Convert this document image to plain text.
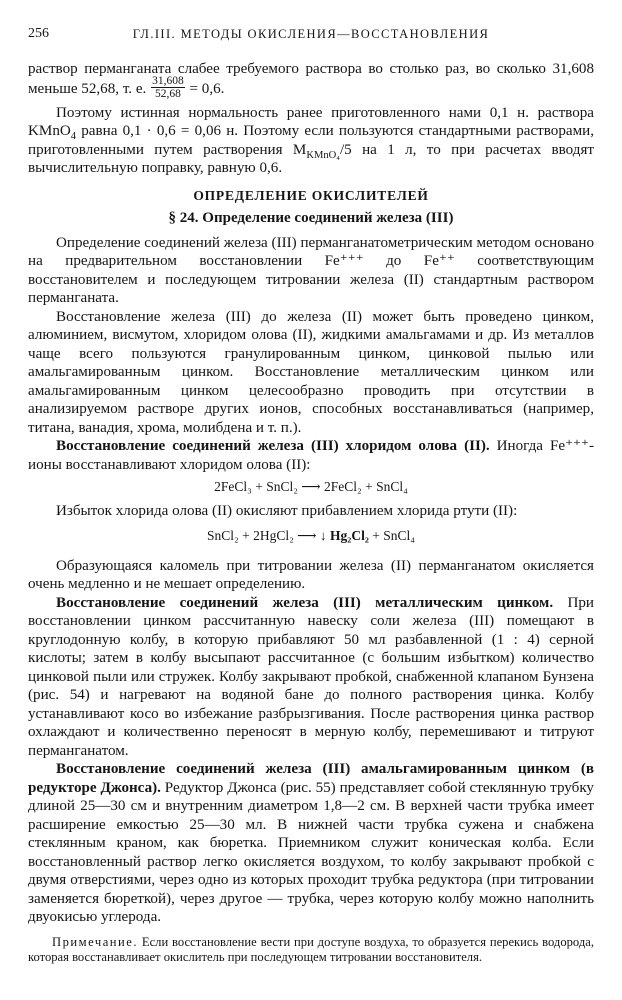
256	ГЛ.III. МЕТОДЫ ОКИСЛЕНИЯ—ВОССТАНОВЛЕНИЯ

раствор перманганата слабее требуемого раствора во столько раз, во сколько 31,608 меньше 52,68, т. е. $\frac{31,608}{52,68} = 0,6$.

Поэтому истинная нормальность ранее приготовленного нами 0,1 н. раствора KMnO$_4$ равна 0,1 · 0,6 = 0,06 н. Поэтому если пользуются стандартными растворами, приготовленными путем растворения $M_{KMnO_4}/5$ на 1 л, то при расчетах вводят вычислительную поправку, равную 0,6.

ОПРЕДЕЛЕНИЕ ОКИСЛИТЕЛЕЙ
§ 24. Определение соединений железа (III)

Определение соединений железа (III) перманганатометрическим методом основано на предварительном восстановлении Fe⁺⁺⁺ до Fe⁺⁺ соответствующим восстановителем и последующем титровании железа (II) стандартным раствором перманганата.

Восстановление железа (III) до железа (II) может быть проведено цинком, алюминием, висмутом, хлоридом олова (II), жидкими амальгамами и др. Из металлов чаще всего пользуются гранулированным цинком, цинковой пылью или амальгамированным цинком. Восстановление металлическим цинком или амальгамированным цинком целесообразно проводить при отсутствии в анализируемом растворе других ионов, способных восстанавливаться (например, титана, ванадия, хрома, молибдена и т. п.).

Восстановление соединений железа (III) хлоридом олова (II). Иногда Fe⁺⁺⁺-ионы восстанавливают хлоридом олова (II):

2FeCl₃ + SnCl₂ ⟶ 2FeCl₂ + SnCl₄

Избыток хлорида олова (II) окисляют прибавлением хлорида ртути (II):

SnCl₂ + 2HgCl₂ ⟶ ↓ Hg₂Cl₂ + SnCl₄

Образующаяся каломель при титровании железа (II) перманганатом окисляется очень медленно и не мешает определению.

Восстановление соединений железа (III) металлическим цинком. При восстановлении цинком рассчитанную навеску соли железа (III) помещают в круглодонную колбу, в которую прибавляют 50 мл разбавленной (1 : 4) серной кислоты; затем в колбу высыпают рассчитанное (с большим избытком) количество цинковой пыли или стружек. Колбу закрывают пробкой, снабженной клапаном Бунзена (рис. 54) и нагревают на водяной бане до полного растворения цинка. Колбу устанавливают косо во избежание разбрызгивания. После растворения цинка раствор охлаждают и количественно переносят в мерную колбу, перемешивают и титруют перманганатом.

Восстановление соединений железа (III) амальгамированным цинком (в редукторе Джонса). Редуктор Джонса (рис. 55) представляет собой стеклянную трубку длиной 25—30 см и внутренним диаметром 1,8—2 см. В верхней части трубка имеет расширение емкостью 25—30 мл. В нижней части трубка сужена и снабжена стеклянным краном, как бюретка. Приемником служит коническая колба. Если восстановленный раствор легко окисляется воздухом, то колбу закрывают пробкой с двумя отверстиями, через одно из которых проходит трубка редуктора (при титровании заменяется бюреткой), через другое — трубка, через которую колбу можно наполнить двуокисью углерода.

Примечание. Если восстановление вести при доступе воздуха, то образуется перекись водорода, которая восстанавливает окислитель при последующем титровании восстановителя.
